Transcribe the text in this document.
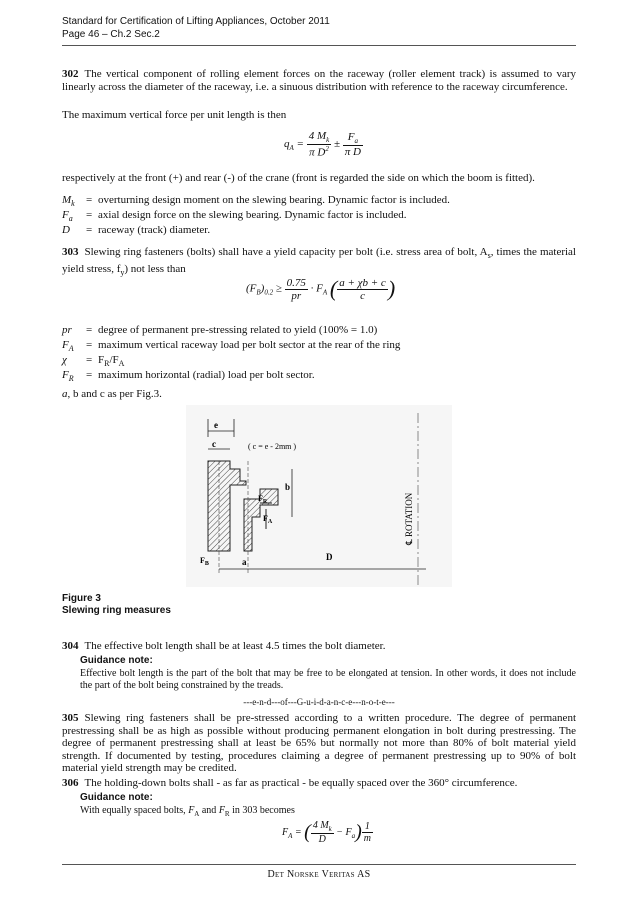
Standard for Certification of Lifting Appliances, October 2011
Page 46 – Ch.2 Sec.2
302 The vertical component of rolling element forces on the raceway (roller element track) is assumed to vary linearly across the diameter of the raceway, i.e. a sinuous distribution with reference to the raceway circumference.
The maximum vertical force per unit length is then
$q_A = \frac{4 M_k}{\pi D^2} \pm \frac{F_a}{\text{π D}}$
respectively at the front (+) and rear (-) of the crane (front is regarded the side on which the boom is fitted).
$M_k$ = overturning design moment on the slewing bearing. Dynamic factor is included.
$F_a$ = axial design force on the slewing bearing. Dynamic factor is included.
D = raceway (track) diameter.
303 Slewing ring fasteners (bolts) shall have a yield capacity per bolt (i.e. stress area of bolt, $A_s$, times the material yield stress, $f_y$) not less than
$(F_B)_{0.2} \ge \frac{0.75}{pr} \cdot F_A$ ( $\frac{a + \chi b + c}{c}$ )
pr = degree of permanent pre-stressing related to yield (100% = 1.0)
$F_A$ = maximum vertical raceway load per bolt sector at the rear of the ring
$\chi = F_R/F_A$
$F_R$ = maximum horizontal (radial) load per bolt sector.
a, b and c as per Fig.3.
e
c	( c = e - 2mm )
b
$F_R$
$F_A$
$F_B$	a	D
℄ ROTATION
Figure 3
Slewing ring measures
304 The effective bolt length shall be at least 4.5 times the bolt diameter.
Guidance note:
Effective bolt length is the part of the bolt that may be free to be elongated at tension. In other words, it does not include the part of the bolt being constrained by the treads.
---e-n-d---of---G-u-i-d-a-n-c-e---n-o-t-e---
305 Slewing ring fasteners shall be pre-stressed according to a written procedure. The degree of permanent prestressing shall be as high as possible without producing permanent elongation in bolt during prestressing. The degree of permanent prestressing shall at least be 65% but normally not more than 80% of bolt material yield strength. If documented by testing, procedures claiming a degree of permanent prestressing up to 90% of bolt material yield strength may be credited.
306 The holding-down bolts shall - as far as practical - be equally spaced over the 360° circumference.
Guidance note:
With equally spaced bolts, $F_A$ and $F_R$ in 303 becomes
$F_A$ = ( $\frac{4 M_k}{D} - F_a) \frac{1}{m}$
Det Norske Veritas AS
